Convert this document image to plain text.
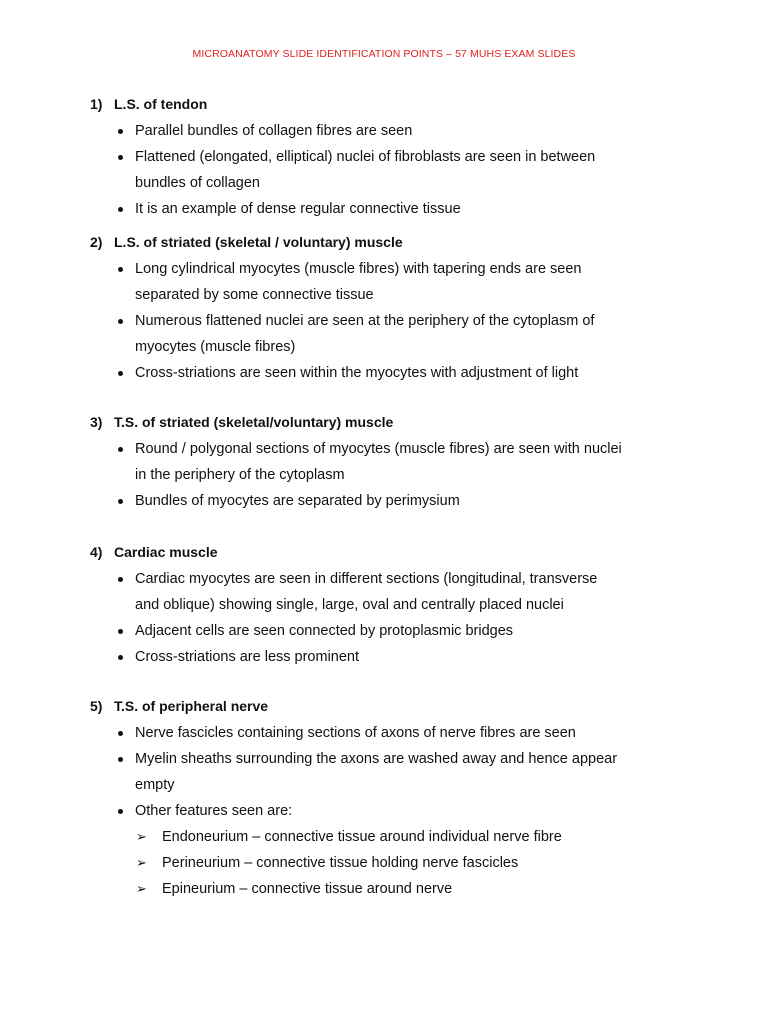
MICROANATOMY SLIDE IDENTIFICATION POINTS – 57 MUHS EXAM SLIDES
1) L.S. of tendon
Parallel bundles of collagen fibres are seen
Flattened (elongated, elliptical) nuclei of fibroblasts are seen in between
bundles of collagen
It is an example of dense regular connective tissue
2) L.S. of striated (skeletal / voluntary) muscle
Long cylindrical myocytes (muscle fibres) with tapering ends are seen
separated by some connective tissue
Numerous flattened nuclei are seen at the periphery of the cytoplasm of
myocytes (muscle fibres)
Cross-striations are seen within the myocytes with adjustment of light
3) T.S. of striated (skeletal/voluntary) muscle
Round / polygonal sections of myocytes (muscle fibres) are seen with nuclei
in the periphery of the cytoplasm
Bundles of myocytes are separated by perimysium
4) Cardiac muscle
Cardiac myocytes are seen in different sections (longitudinal, transverse
and oblique) showing single, large, oval and centrally placed nuclei
Adjacent cells are seen connected by protoplasmic bridges
Cross-striations are less prominent
5) T.S. of peripheral nerve
Nerve fascicles containing sections of axons of nerve fibres are seen
Myelin sheaths surrounding the axons are washed away and hence appear
empty
Other features seen are:
➢ Endoneurium – connective tissue around individual nerve fibre
➢ Perineurium – connective tissue holding nerve fascicles
➢ Epineurium – connective tissue around nerve
